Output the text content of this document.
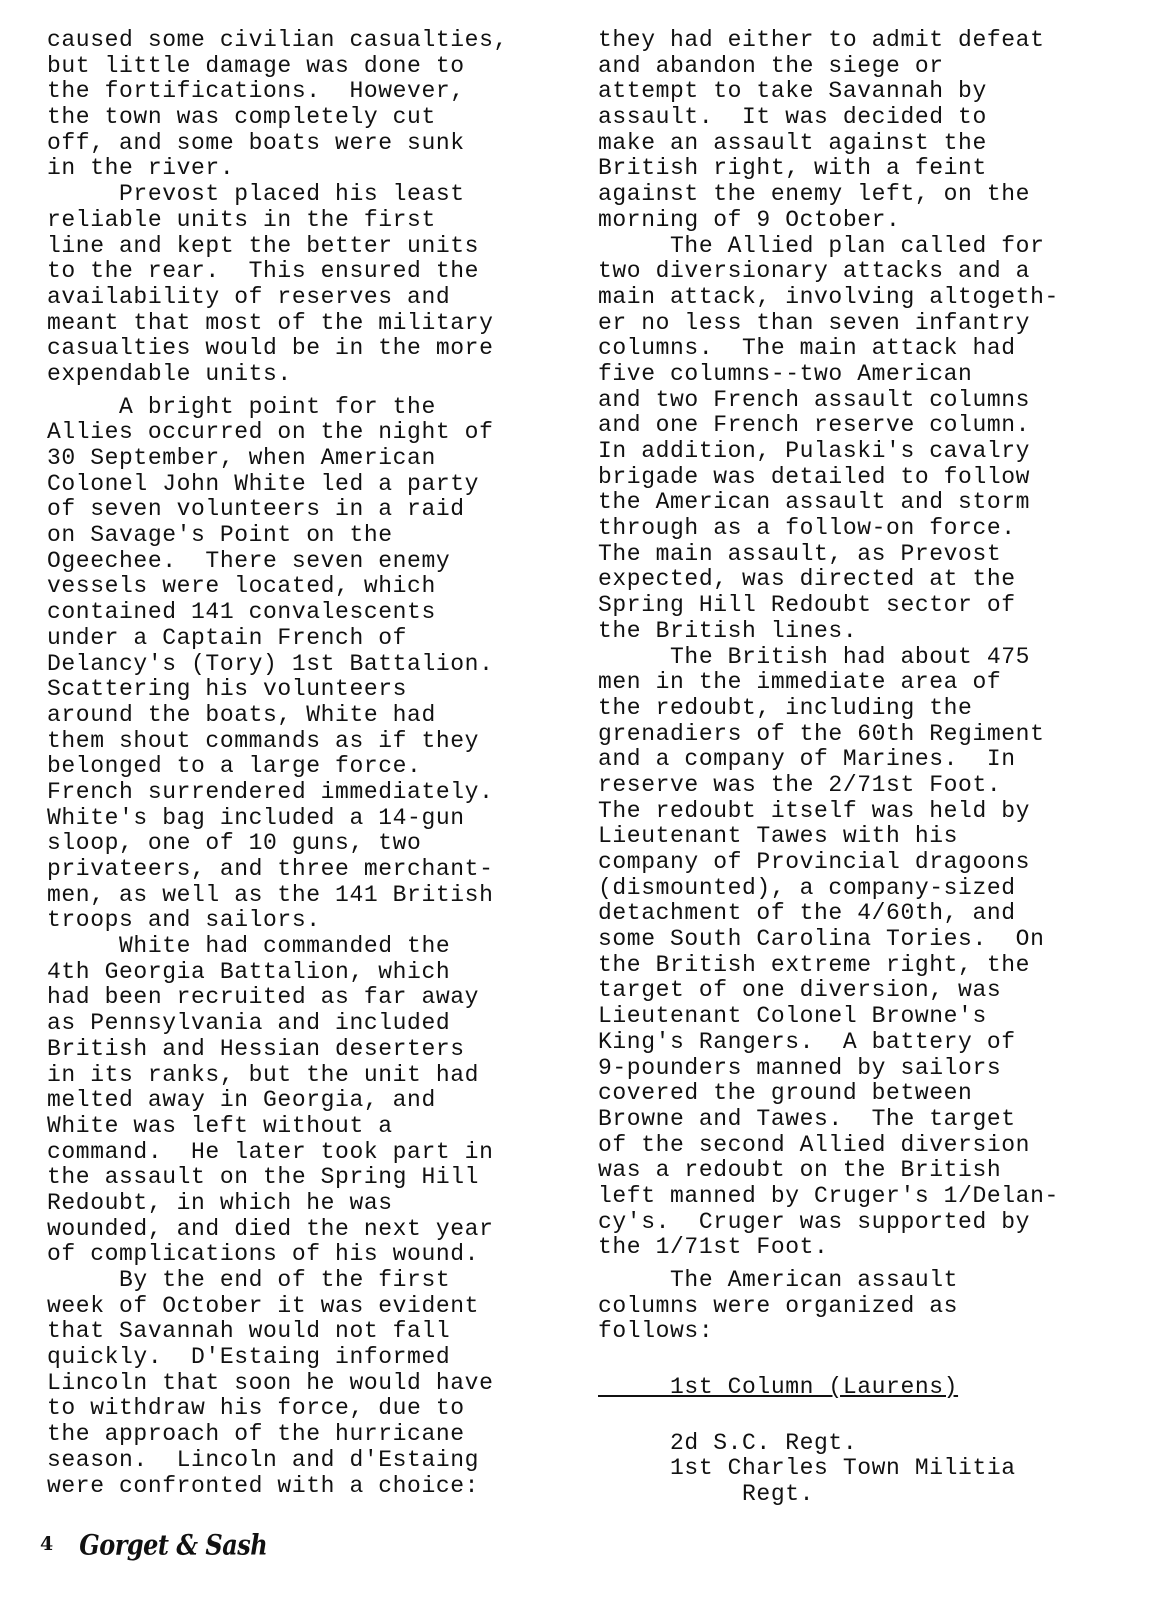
caused some civilian casualties,
but little damage was done to
the fortifications.  However,
the town was completely cut
off, and some boats were sunk
in the river.
Prevost placed his least
reliable units in the first
line and kept the better units
to the rear.  This ensured the
availability of reserves and
meant that most of the military
casualties would be in the more
expendable units.
A bright point for the
Allies occurred on the night of
30 September, when American
Colonel John White led a party
of seven volunteers in a raid
on Savage's Point on the
Ogeechee.  There seven enemy
vessels were located, which
contained 141 convalescents
under a Captain French of
Delancy's (Tory) 1st Battalion.
Scattering his volunteers
around the boats, White had
them shout commands as if they
belonged to a large force.
French surrendered immediately.
White's bag included a 14-gun
sloop, one of 10 guns, two
privateers, and three merchant-
men, as well as the 141 British
troops and sailors.
White had commanded the
4th Georgia Battalion, which
had been recruited as far away
as Pennsylvania and included
British and Hessian deserters
in its ranks, but the unit had
melted away in Georgia, and
White was left without a
command.  He later took part in
the assault on the Spring Hill
Redoubt, in which he was
wounded, and died the next year
of complications of his wound.
By the end of the first
week of October it was evident
that Savannah would not fall
quickly.  D'Estaing informed
Lincoln that soon he would have
to withdraw his force, due to
the approach of the hurricane
season.  Lincoln and d'Estaing
were confronted with a choice:
they had either to admit defeat
and abandon the siege or
attempt to take Savannah by
assault.  It was decided to
make an assault against the
British right, with a feint
against the enemy left, on the
morning of 9 October.
The Allied plan called for
two diversionary attacks and a
main attack, involving altogeth-
er no less than seven infantry
columns.  The main attack had
five columns--two American
and two French assault columns
and one French reserve column.
In addition, Pulaski's cavalry
brigade was detailed to follow
the American assault and storm
through as a follow-on force.
The main assault, as Prevost
expected, was directed at the
Spring Hill Redoubt sector of
the British lines.
The British had about 475
men in the immediate area of
the redoubt, including the
grenadiers of the 60th Regiment
and a company of Marines.  In
reserve was the 2/71st Foot.
The redoubt itself was held by
Lieutenant Tawes with his
company of Provincial dragoons
(dismounted), a company-sized
detachment of the 4/60th, and
some South Carolina Tories.  On
the British extreme right, the
target of one diversion, was
Lieutenant Colonel Browne's
King's Rangers.  A battery of
9-pounders manned by sailors
covered the ground between
Browne and Tawes.  The target
of the second Allied diversion
was a redoubt on the British
left manned by Cruger's 1/Delan-
cy's.  Cruger was supported by
the 1/71st Foot.
The American assault
columns were organized as
follows:
1st Column (Laurens)
2d S.C. Regt.
1st Charles Town Militia
Regt.
4 Gorget & Sash
